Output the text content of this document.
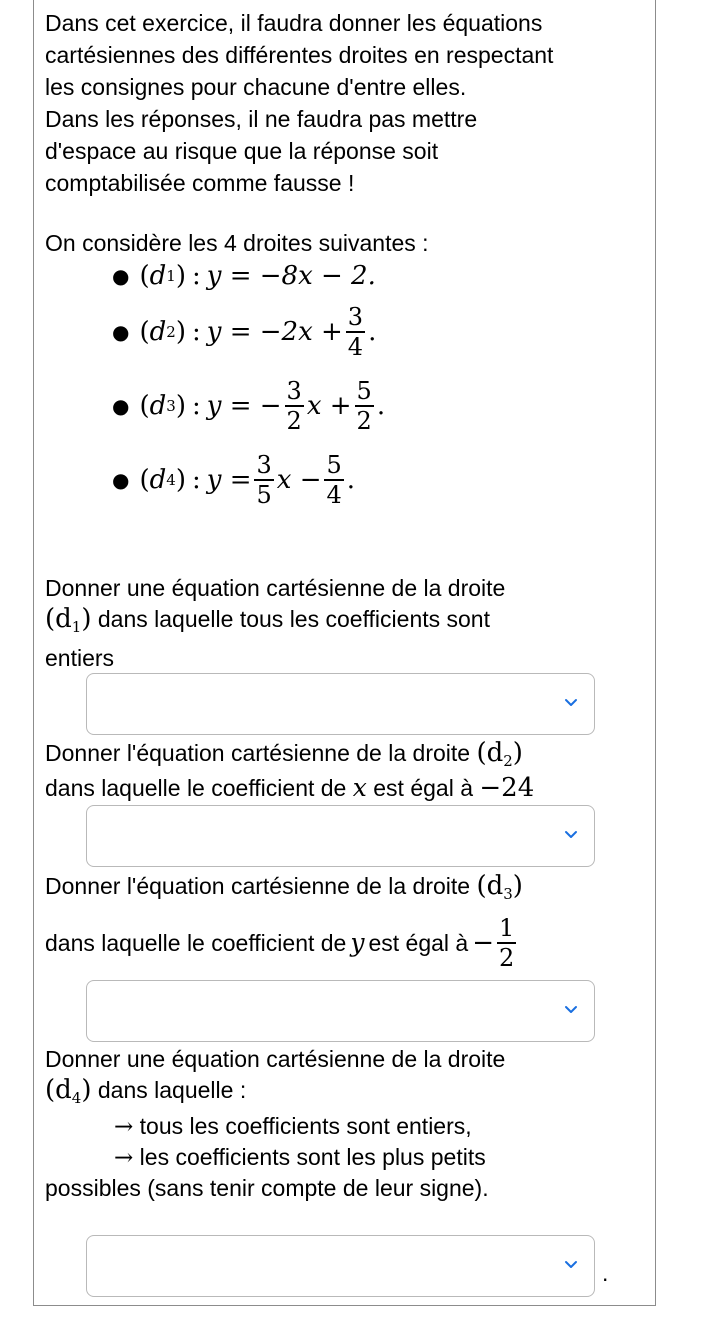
Dans cet exercice, il faudra donner les équations
cartésiennes des différentes droites en respectant
les consignes pour chacune d'entre elles.
Dans les réponses, il ne faudra pas mettre
d'espace au risque que la réponse soit
comptabilisée comme fausse !
On considère les 4 droites suivantes :
● ( d 1 ) : y = −8x − 2.
● ( d 2 ) : $y = -2x + \frac{3}{4}$ .
● ( d 3 ) : y = − $\frac{3}{2}$ $x + \frac{5}{2}$ .
● ( d 4 ) : $y = \frac{3}{5}$ $x - \frac{5}{4}$ .
Donner une équation cartésienne de la droite
$(d_1)$ dans laquelle tous les coefficients sont
entiers
Donner l'équation cartésienne de la droite $(d_2)$
dans laquelle le coefficient de x est égal à −24
Donner l'équation cartésienne de la droite $(d_3)$
dans laquelle le coefficient de y est égal à − $\frac{1}{2}$
Donner une équation cartésienne de la droite
$(d_4)$ dans laquelle :
→ tous les coefficients sont entiers,
→ les coefficients sont les plus petits
possibles (sans tenir compte de leur signe).
.
